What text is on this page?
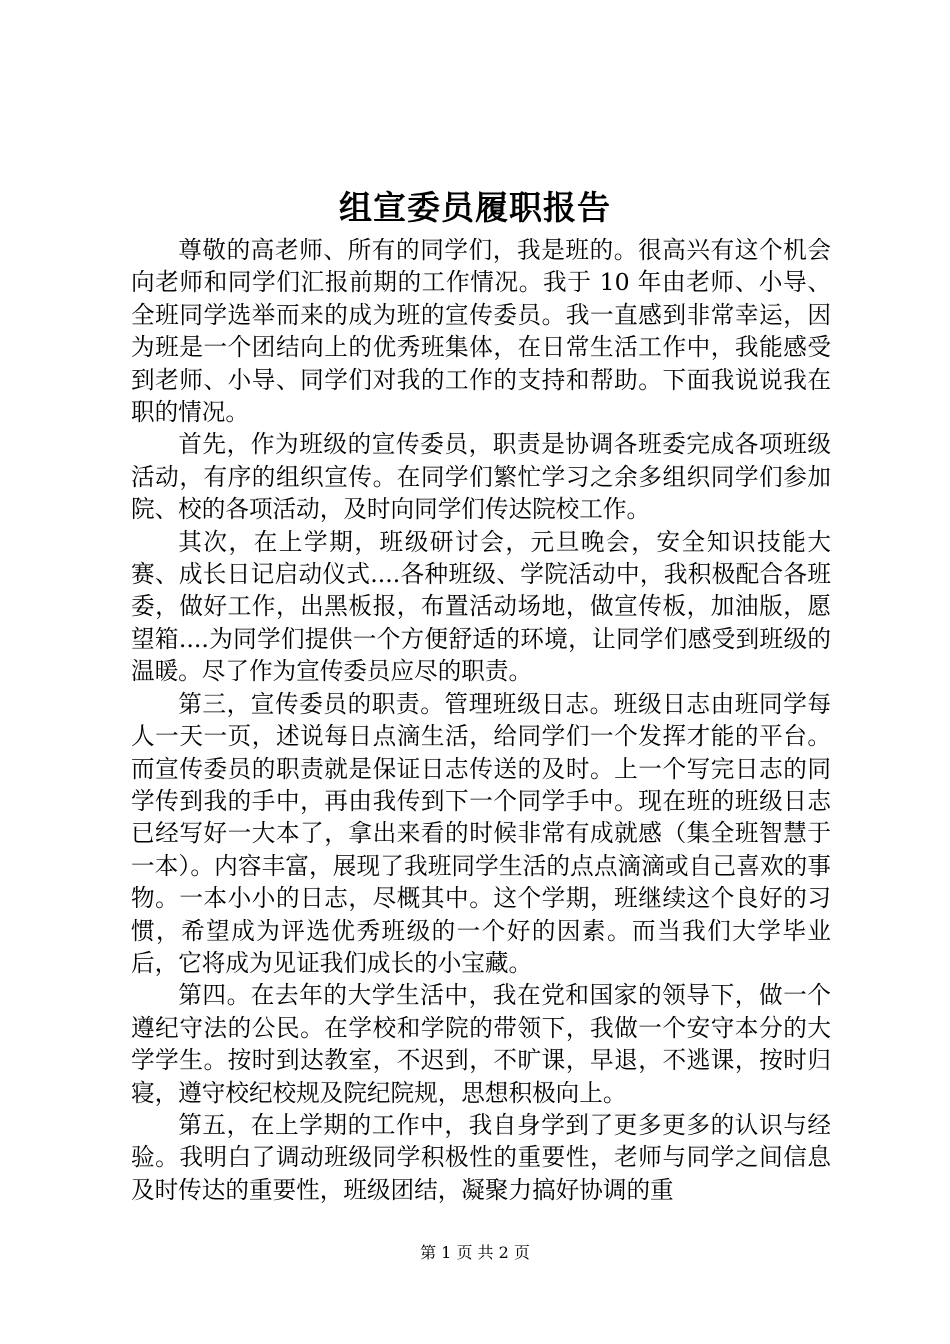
组宣委员履职报告

尊敬的高老师、所有的同学们，我是班的。很高兴有这个机会向老师和同学们汇报前期的工作情况。我于 10 年由老师、小导、全班同学选举而来的成为班的宣传委员。我一直感到非常幸运，因为班是一个团结向上的优秀班集体，在日常生活工作中，我能感受到老师、小导、同学们对我的工作的支持和帮助。下面我说说我在职的情况。

首先，作为班级的宣传委员，职责是协调各班委完成各项班级活动，有序的组织宣传。在同学们繁忙学习之余多组织同学们参加院、校的各项活动，及时向同学们传达院校工作。

其次，在上学期，班级研讨会，元旦晚会，安全知识技能大赛、成长日记启动仪式....各种班级、学院活动中，我积极配合各班委，做好工作，出黑板报，布置活动场地，做宣传板，加油版，愿望箱....为同学们提供一个方便舒适的环境，让同学们感受到班级的温暖。尽了作为宣传委员应尽的职责。

第三，宣传委员的职责。管理班级日志。班级日志由班同学每人一天一页，述说每日点滴生活，给同学们一个发挥才能的平台。而宣传委员的职责就是保证日志传送的及时。上一个写完日志的同学传到我的手中，再由我传到下一个同学手中。现在班的班级日志已经写好一大本了，拿出来看的时候非常有成就感（集全班智慧于一本）。内容丰富，展现了我班同学生活的点点滴滴或自己喜欢的事物。一本小小的日志，尽概其中。这个学期，班继续这个良好的习惯，希望成为评选优秀班级的一个好的因素。而当我们大学毕业后，它将成为见证我们成长的小宝藏。

第四。在去年的大学生活中，我在党和国家的领导下，做一个遵纪守法的公民。在学校和学院的带领下，我做一个安守本分的大学学生。按时到达教室，不迟到，不旷课，早退，不逃课，按时归寝，遵守校纪校规及院纪院规，思想积极向上。

第五，在上学期的工作中，我自身学到了更多更多的认识与经验。我明白了调动班级同学积极性的重要性，老师与同学之间信息及时传达的重要性，班级团结，凝聚力搞好协调的重

第 1 页 共 2 页
